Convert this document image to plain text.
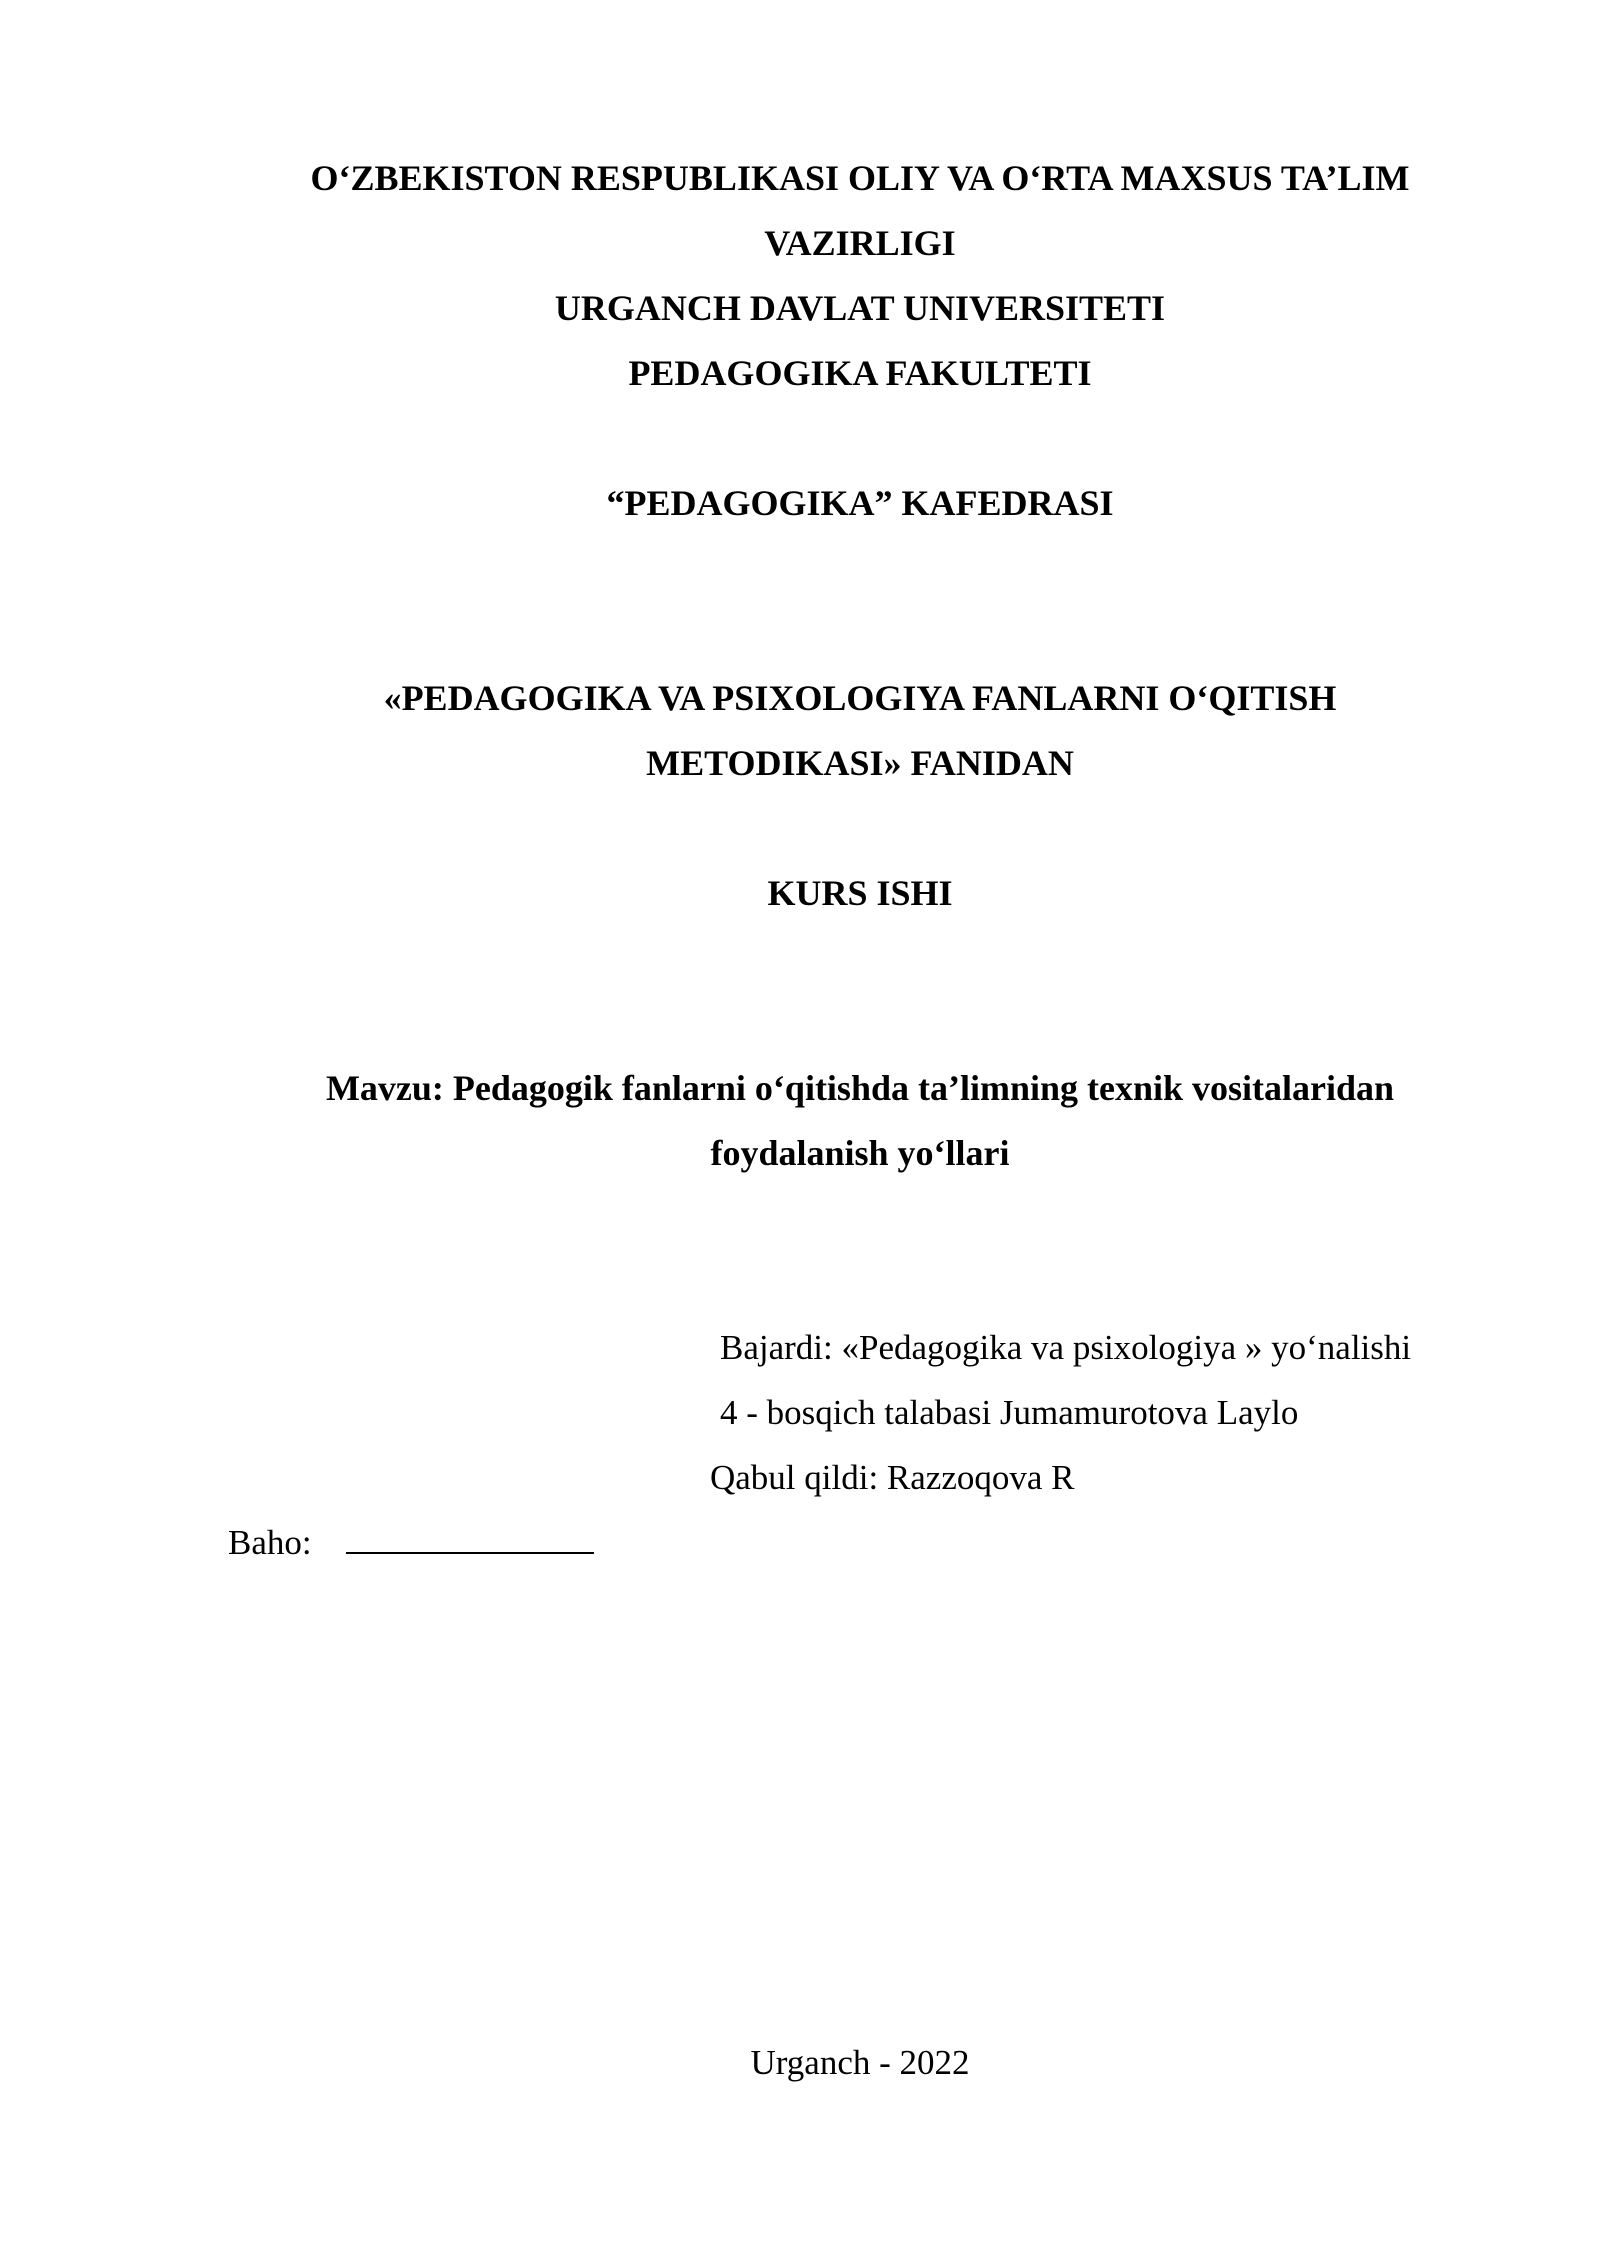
O‘ZBEKISTON RESPUBLIKASI OLIY VA O‘RTA MAXSUS TA’LIM
VAZIRLIGI
URGANCH DAVLAT UNIVERSITETI
PEDAGOGIKA FAKULTETI
“PEDAGOGIKA” KAFEDRASI
«PEDAGOGIKA VA PSIXOLOGIYA FANLARNI O‘QITISH
METODIKASI» FANIDAN
KURS ISHI
Mavzu: Pedagogik fanlarni o‘qitishda ta’limning texnik vositalaridan
foydalanish yo‘llari
Bajardi: «Pedagogika va psixologiya » yo‘nalishi
4 - bosqich talabasi Jumamurotova Laylo
Qabul qildi: Razzoqova R
Baho:
Urganch - 2022
